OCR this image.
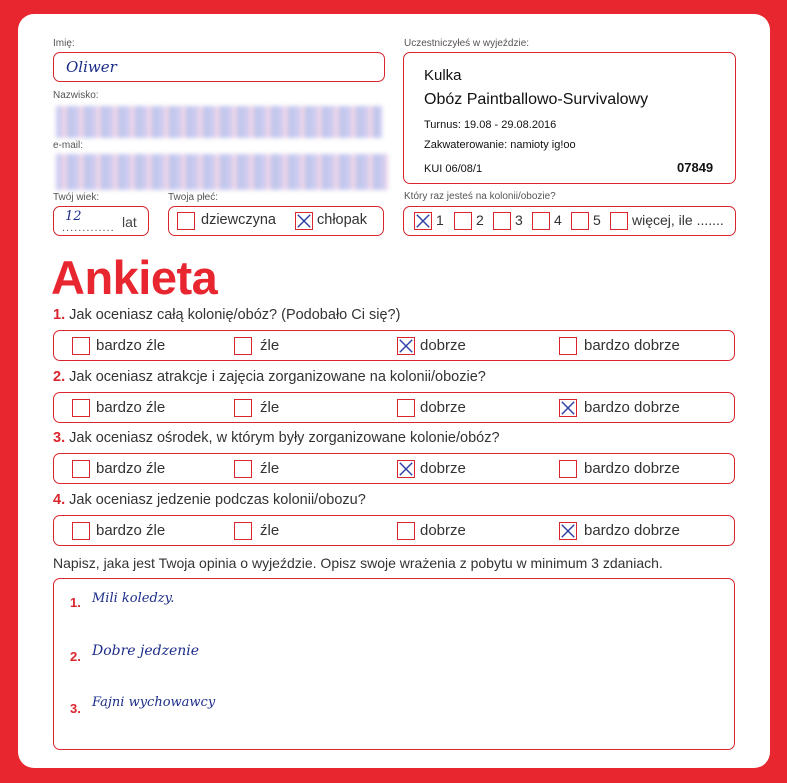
Imię:
Oliwer
Nazwisko:
e-mail:
Twój wiek:
.............
12	lat
Twoja płeć:
dziewczyna	chłopak
Uczestniczyłeś w wyjeździe:
Kulka
Obóz Paintballowo-Survivalowy
Turnus: 19.08 - 29.08.2016
Zakwaterowanie: namioty ig!oo
KUI 06/08/1	07849
Który raz jesteś na kolonii/obozie?
1 2 3 4 5 więcej, ile .......
Ankieta
1. Jak oceniasz całą kolonię/obóz? (Podobało Ci się?)
bardzo źle	źle	dobrze	bardzo dobrze
2. Jak oceniasz atrakcje i zajęcia zorganizowane na kolonii/obozie?
bardzo źle	źle	dobrze	bardzo dobrze
3. Jak oceniasz ośrodek, w którym były zorganizowane kolonie/obóz?
bardzo źle	źle	dobrze	bardzo dobrze
4. Jak oceniasz jedzenie podczas kolonii/obozu?
bardzo źle	źle	dobrze	bardzo dobrze
Napisz, jaka jest Twoja opinia o wyjeździe. Opisz swoje wrażenia z pobytu w minimum 3 zdaniach.
1. Mili koledzy.
2. Dobre jedzenie
3. Fajni wychowawcy
